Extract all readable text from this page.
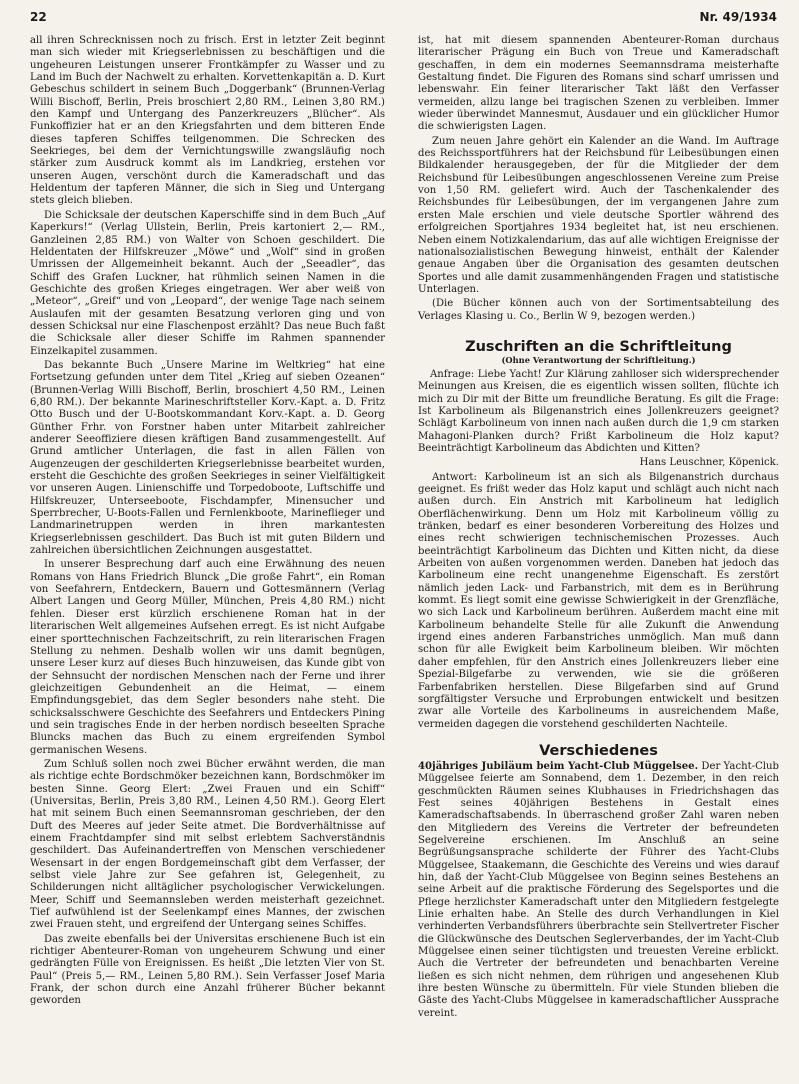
22	Nr. 49/1934

all ihren Schrecknissen noch zu frisch. Erst in letzter Zeit beginnt man sich wieder mit Kriegserlebnissen zu beschäftigen und die ungeheuren Leistungen unserer Frontkämpfer zu Wasser und zu Land im Buch der Nachwelt zu erhalten. Korvettenkapitän a. D. Kurt Gebeschus schildert in seinem Buch „Doggerbank“ (Brunnen-Verlag Willi Bischoff, Berlin, Preis broschiert 2,80 RM., Leinen 3,80 RM.) den Kampf und Untergang des Panzerkreuzers „Blücher“. Als Funkoffizier hat er an den Kriegsfahrten und dem bitteren Ende dieses tapferen Schiffes teilgenommen. Die Schrecken des Seekrieges, bei dem der Vernichtungswille zwangsläufig noch stärker zum Ausdruck kommt als im Landkrieg, erstehen vor unseren Augen, verschönt durch die Kameradschaft und das Heldentum der tapferen Männer, die sich in Sieg und Untergang stets gleich blieben.

Die Schicksale der deutschen Kaperschiffe sind in dem Buch „Auf Kaperkurs!“ (Verlag Ullstein, Berlin, Preis kartoniert 2,— RM., Ganzleinen 2,85 RM.) von Walter von Schoen geschildert. Die Heldentaten der Hilfskreuzer „Möwe“ und „Wolf“ sind in großen Umrissen der Allgemeinheit bekannt. Auch der „Seeadler“, das Schiff des Grafen Luckner, hat rühmlich seinen Namen in die Geschichte des großen Krieges eingetragen. Wer aber weiß von „Meteor“, „Greif“ und von „Leopard“, der wenige Tage nach seinem Auslaufen mit der gesamten Besatzung verloren ging und von dessen Schicksal nur eine Flaschenpost erzählt? Das neue Buch faßt die Schicksale aller dieser Schiffe im Rahmen spannender Einzelkapitel zusammen.

Das bekannte Buch „Unsere Marine im Weltkrieg“ hat eine Fortsetzung gefunden unter dem Titel „Krieg auf sieben Ozeanen“ (Brunnen-Verlag Willi Bischoff, Berlin, broschiert 4,50 RM., Leinen 6,80 RM.). Der bekannte Marineschriftsteller Korv.-Kapt. a. D. Fritz Otto Busch und der U-Bootskommandant Korv.-Kapt. a. D. Georg Günther Frhr. von Forstner haben unter Mitarbeit zahlreicher anderer Seeoffiziere diesen kräftigen Band zusammengestellt. Auf Grund amtlicher Unterlagen, die fast in allen Fällen von Augenzeugen der geschilderten Kriegserlebnisse bearbeitet wurden, ersteht die Geschichte des großen Seekrieges in seiner Vielfältigkeit vor unseren Augen. Linienschiffe und Torpedoboote, Luftschiffe und Hilfskreuzer, Unterseeboote, Fischdampfer, Minensucher und Sperrbrecher, U-Boots-Fallen und Fernlenkboote, Marineflieger und Landmarinetruppen werden in ihren markantesten Kriegserlebnissen geschildert. Das Buch ist mit guten Bildern und zahlreichen übersichtlichen Zeichnungen ausgestattet.

In unserer Besprechung darf auch eine Erwähnung des neuen Romans von Hans Friedrich Blunck „Die große Fahrt“, ein Roman von Seefahrern, Entdeckern, Bauern und Gottesmännern (Verlag Albert Langen und Georg Müller, München, Preis 4,80 RM.) nicht fehlen. Dieser erst kürzlich erschienene Roman hat in der literarischen Welt allgemeines Aufsehen erregt. Es ist nicht Aufgabe einer sporttechnischen Fachzeitschrift, zu rein literarischen Fragen Stellung zu nehmen. Deshalb wollen wir uns damit begnügen, unsere Leser kurz auf dieses Buch hinzuweisen, das Kunde gibt von der Sehnsucht der nordischen Menschen nach der Ferne und ihrer gleichzeitigen Gebundenheit an die Heimat, — einem Empfindungsgebiet, das dem Segler besonders nahe steht. Die schicksalsschwere Geschichte des Seefahrers und Entdeckers Pining und sein tragisches Ende in der herben nordisch beseelten Sprache Bluncks machen das Buch zu einem ergreifenden Symbol germanischen Wesens.

Zum Schluß sollen noch zwei Bücher erwähnt werden, die man als richtige echte Bordschmöker bezeichnen kann, Bordschmöker im besten Sinne. Georg Elert: „Zwei Frauen und ein Schiff“ (Universitas, Berlin, Preis 3,80 RM., Leinen 4,50 RM.). Georg Elert hat mit seinem Buch einen Seemannsroman geschrieben, der den Duft des Meeres auf jeder Seite atmet. Die Bordverhältnisse auf einem Frachtdampfer sind mit selbst erlebtem Sachverständnis geschildert. Das Aufeinandertreffen von Menschen verschiedener Wesensart in der engen Bordgemeinschaft gibt dem Verfasser, der selbst viele Jahre zur See gefahren ist, Gelegenheit, zu Schilderungen nicht alltäglicher psychologischer Verwickelungen. Meer, Schiff und Seemannsleben werden meisterhaft gezeichnet. Tief aufwühlend ist der Seelenkampf eines Mannes, der zwischen zwei Frauen steht, und ergreifend der Untergang seines Schiffes.

Das zweite ebenfalls bei der Universitas erschienene Buch ist ein richtiger Abenteurer-Roman von ungeheurem Schwung und einer gedrängten Fülle von Ereignissen. Es heißt „Die letzten Vier von St. Paul“ (Preis 5,— RM., Leinen 5,80 RM.). Sein Verfasser Josef Maria Frank, der schon durch eine Anzahl früherer Bücher bekannt geworden

ist, hat mit diesem spannenden Abenteurer-Roman durchaus literarischer Prägung ein Buch von Treue und Kameradschaft geschaffen, in dem ein modernes Seemannsdrama meisterhafte Gestaltung findet. Die Figuren des Romans sind scharf umrissen und lebenswahr. Ein feiner literarischer Takt läßt den Verfasser vermeiden, allzu lange bei tragischen Szenen zu verbleiben. Immer wieder überwindet Mannesmut, Ausdauer und ein glücklicher Humor die schwierigsten Lagen.

Zum neuen Jahre gehört ein Kalender an die Wand. Im Auftrage des Reichssportführers hat der Reichsbund für Leibesübungen einen Bildkalender herausgegeben, der für die Mitglieder der dem Reichsbund für Leibesübungen angeschlossenen Vereine zum Preise von 1,50 RM. geliefert wird. Auch der Taschenkalender des Reichsbundes für Leibesübungen, der im vergangenen Jahre zum ersten Male erschien und viele deutsche Sportler während des erfolgreichen Sportjahres 1934 begleitet hat, ist neu erschienen. Neben einem Notizkalendarium, das auf alle wichtigen Ereignisse der nationalsozialistischen Bewegung hinweist, enthält der Kalender genaue Angaben über die Organisation des gesamten deutschen Sportes und alle damit zusammenhängenden Fragen und statistische Unterlagen.

(Die Bücher können auch von der Sortimentsabteilung des Verlages Klasing u. Co., Berlin W 9, bezogen werden.)

Zuschriften an die Schriftleitung
(Ohne Verantwortung der Schriftleitung.)

Anfrage: Liebe Yacht! Zur Klärung zahlloser sich widersprechender Meinungen aus Kreisen, die es eigentlich wissen sollten, flüchte ich mich zu Dir mit der Bitte um freundliche Beratung. Es gilt die Frage: Ist Karbolineum als Bilgenanstrich eines Jollenkreuzers geeignet? Schlägt Karbolineum von innen nach außen durch die 1,9 cm starken Mahagoni-Planken durch? Frißt Karbolineum die Holz kaput? Beeinträchtigt Karbolineum das Abdichten und Kitten?

Hans Leuschner, Köpenick.

Antwort: Karbolineum ist an sich als Bilgenanstrich durchaus geeignet. Es frißt weder das Holz kaput und schlägt auch nicht nach außen durch. Ein Anstrich mit Karbolineum hat lediglich Oberflächenwirkung. Denn um Holz mit Karbolineum völlig zu tränken, bedarf es einer besonderen Vorbereitung des Holzes und eines recht schwierigen technischemischen Prozesses. Auch beeinträchtigt Karbolineum das Dichten und Kitten nicht, da diese Arbeiten von außen vorgenommen werden. Daneben hat jedoch das Karbolineum eine recht unangenehme Eigenschaft. Es zerstört nämlich jeden Lack- und Farbanstrich, mit dem es in Berührung kommt. Es liegt somit eine gewisse Schwierigkeit in der Grenzfläche, wo sich Lack und Karbolineum berühren. Außerdem macht eine mit Karbolineum behandelte Stelle für alle Zukunft die Anwendung irgend eines anderen Farbanstriches unmöglich. Man muß dann schon für alle Ewigkeit beim Karbolineum bleiben. Wir möchten daher empfehlen, für den Anstrich eines Jollenkreuzers lieber eine Spezial-Bilgefarbe zu verwenden, wie sie die größeren Farbenfabriken herstellen. Diese Bilgefarben sind auf Grund sorgfältigster Versuche und Erprobungen entwickelt und besitzen zwar alle Vorteile des Karbolineums in ausreichendem Maße, vermeiden dagegen die vorstehend geschilderten Nachteile.

Verschiedenes

40jähriges Jubiläum beim Yacht-Club Müggelsee. Der Yacht-Club Müggelsee feierte am Sonnabend, dem 1. Dezember, in den reich geschmückten Räumen seines Klubhauses in Friedrichshagen das Fest seines 40jährigen Bestehens in Gestalt eines Kameradschaftsabends. In überraschend großer Zahl waren neben den Mitgliedern des Vereins die Vertreter der befreundeten Segelvereine erschienen. Im Anschluß an seine Begrüßungsansprache schilderte der Führer des Yacht-Clubs Müggelsee, Staakemann, die Geschichte des Vereins und wies darauf hin, daß der Yacht-Club Müggelsee von Beginn seines Bestehens an seine Arbeit auf die praktische Förderung des Segelsportes und die Pflege herzlichster Kameradschaft unter den Mitgliedern festgelegte Linie erhalten habe. An Stelle des durch Verhandlungen in Kiel verhinderten Verbandsführers überbrachte sein Stellvertreter Fischer die Glückwünsche des Deutschen Seglerverbandes, der im Yacht-Club Müggelsee einen seiner tüchtigsten und treuesten Vereine erblickt. Auch die Vertreter der befreundeten und benachbarten Vereine ließen es sich nicht nehmen, dem rührigen und angesehenen Klub ihre besten Wünsche zu übermitteln. Für viele Stunden blieben die Gäste des Yacht-Clubs Müggelsee in kameradschaftlicher Aussprache vereint.
